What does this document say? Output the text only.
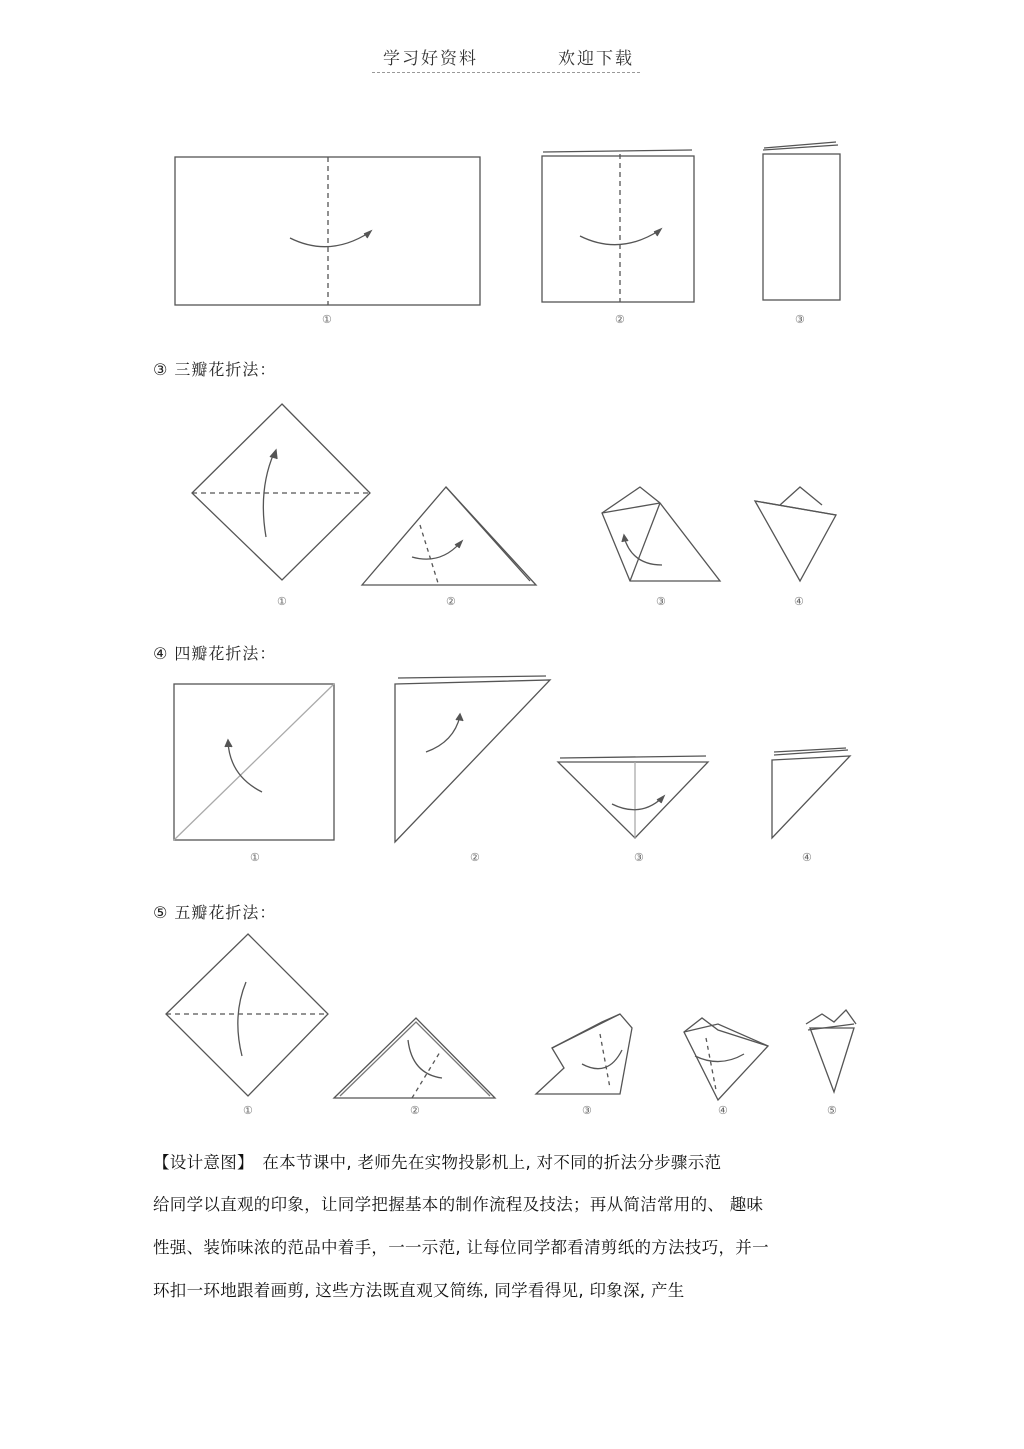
学习好资料	欢迎下载
①	②	③
③ 三瓣花折法：
①	②	③	④
④ 四瓣花折法：
①	②	③	④
⑤ 五瓣花折法：
①	②	③	④	⑤
【设计意图】　在本节课中, 老师先在实物投影机上, 对不同的折法分步骤示范
给同学以直观的印象，让同学把握基本的制作流程及技法；再从简洁常用的、 趣味
性强、装饰味浓的范品中着手，一一示范, 让每位同学都看清剪纸的方法技巧，并一
环扣一环地跟着画剪, 这些方法既直观又简练, 同学看得见, 印象深, 产生
